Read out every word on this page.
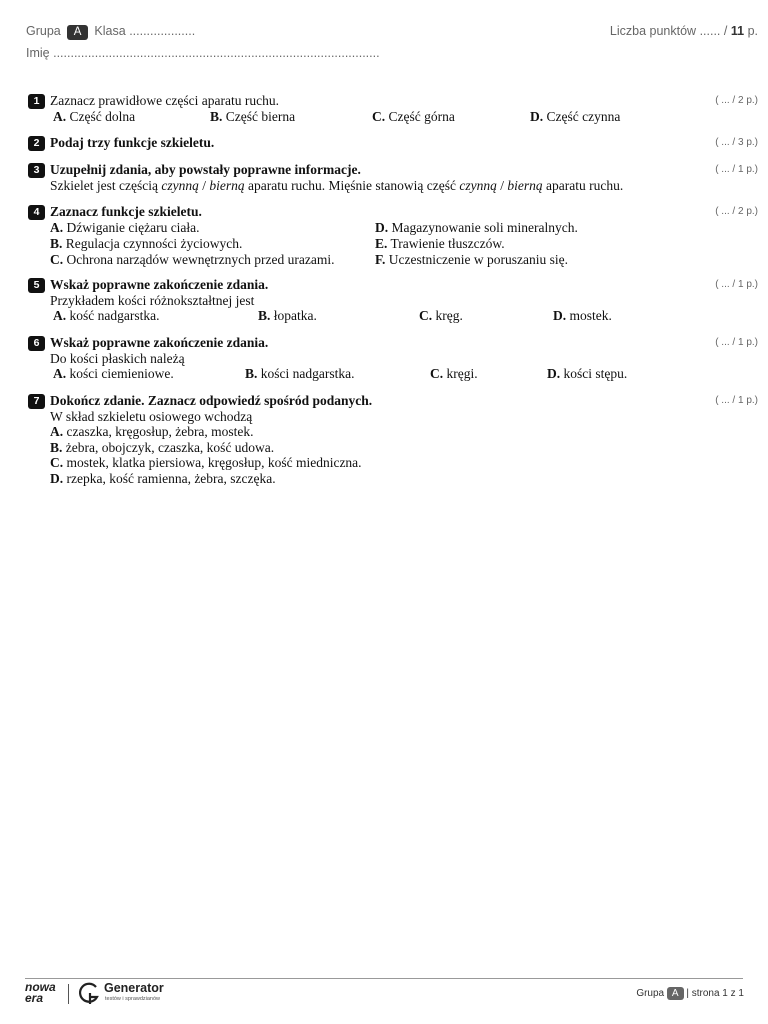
Grupa A Klasa ...................	Liczba punktów ...... / 11 p.
Imię ..............................................................................................
1	( ... / 2 p.)
Zaznacz prawidłowe części aparatu ruchu.
A. Część dolna	B. Część bierna	C. Część górna	D. Część czynna
2	( ... / 3 p.)
Podaj trzy funkcje szkieletu.
3	( ... / 1 p.)
Uzupełnij zdania, aby powstały poprawne informacje.
Szkielet jest częścią czynną / bierną aparatu ruchu. Mięśnie stanowią część czynną / bierną aparatu ruchu.
4	( ... / 2 p.)
Zaznacz funkcje szkieletu.
A. Dźwiganie ciężaru ciała.	D. Magazynowanie soli mineralnych.
B. Regulacja czynności życiowych.	E. Trawienie tłuszczów.
C. Ochrona narządów wewnętrznych przed urazami.	F. Uczestniczenie w poruszaniu się.
5	( ... / 1 p.)
Wskaż poprawne zakończenie zdania.
Przykładem kości różnokształtnej jest
A. kość nadgarstka.	B. łopatka.	C. kręg.	D. mostek.
6	( ... / 1 p.)
Wskaż poprawne zakończenie zdania.
Do kości płaskich należą
A. kości ciemieniowe.	B. kości nadgarstka.	C. kręgi.	D. kości stępu.
7	( ... / 1 p.)
Dokończ zdanie. Zaznacz odpowiedź spośród podanych.
W skład szkieletu osiowego wchodzą
A. czaszka, kręgosłup, żebra, mostek.
B. żebra, obojczyk, czaszka, kość udowa.
C. mostek, klatka piersiowa, kręgosłup, kość miedniczna.
D. rzepka, kość ramienna, żebra, szczęka.
nowa
era
Generator
testów i sprawdzianów	Grupa A | strona 1 z 1
